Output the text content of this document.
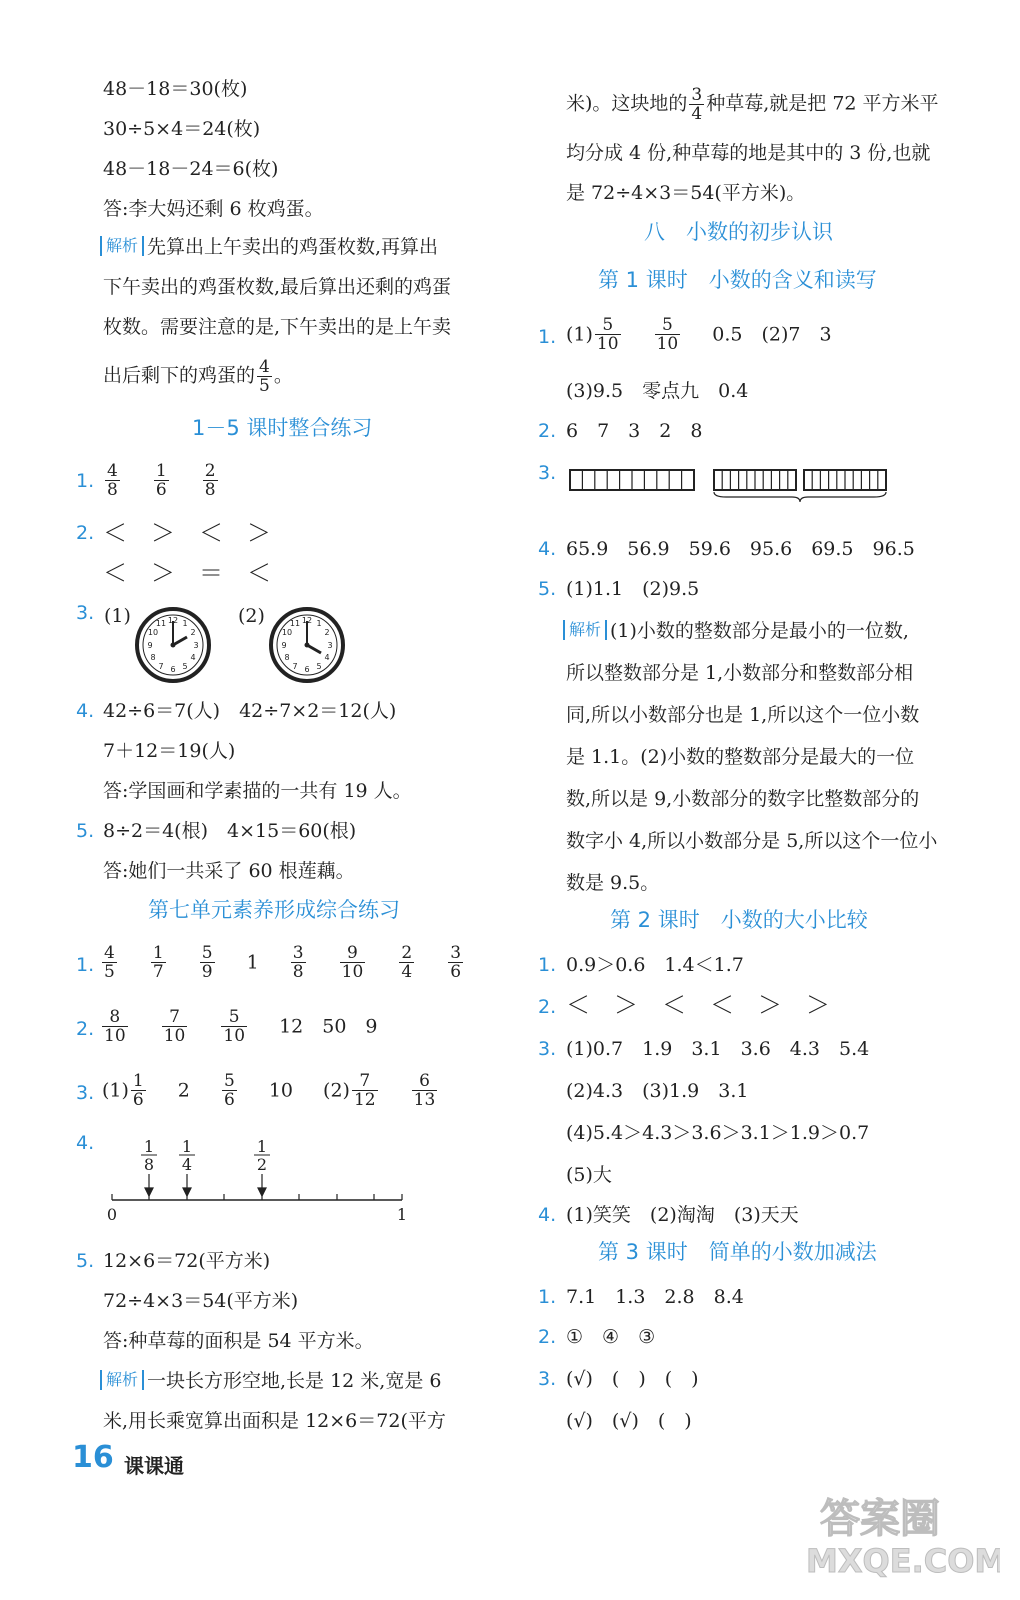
48－18＝30(枚)
30÷5×4＝24(枚)
48－18－24＝6(枚)
答:李大妈还剩 6 枚鸡蛋。
解析 先算出上午卖出的鸡蛋枚数,再算出
下午卖出的鸡蛋枚数,最后算出还剩的鸡蛋
枚数。需要注意的是,下午卖出的是上午卖
出后剩下的鸡蛋的 $\frac{4}{5}$ 。
1－5 课时整合练习
1. $\frac{4}{8}$
$\frac{1}{6}$
$\frac{2}{8}$
2. ＜　＞　＜　＞
＜　＞　＝　＜
3. (1)	(2)
12 1
2
3
4
5
6
7
8
9
10
11	12 1
2
3
4
5
6
7
8
9
10
11
4. 42÷6＝7(人)　42÷7×2＝12(人)
7＋12＝19(人)
答:学国画和学素描的一共有 19 人。
5. 8÷2＝4(根)　4×15＝60(根)
答:她们一共采了 60 根莲藕。
第七单元素养形成综合练习
1. $\frac{4}{5}$
$\frac{1}{7}$
$\frac{5}{9} 1 \frac{3}{8}$
$\frac{9}{10}$
$\frac{2}{4}$
$\frac{3}{6}$
2. $\frac{8}{10}$
$\frac{7}{10}$
$\frac{5}{10} 12$　50　9
3. $(1) \frac{1}{6} 2 \frac{5}{6} 10$ $(2) \frac{7}{12}$
$\frac{6}{13}$
4.	1
8
1
4
1
2
0	1
5. 12×6＝72(平方米)
72÷4×3＝54(平方米)
答:种草莓的面积是 54 平方米。
解析 一块长方形空地,长是 12 米,宽是 6
米,用长乘宽算出面积是 12×6＝72(平方
米)。这块地的 $\frac{3}{4}$ 种草莓,就是把 72 平方米平
均分成 4 份,种草莓的地是其中的 3 份,也就
是 72÷4×3＝54(平方米)。
八　小数的初步认识
第 1 课时　小数的含义和读写
1. $(1) \frac{5}{10}$
$\frac{5}{10} 0.5$　(2)7　3
(3)9.5　零点九　0.4
2. 6　7　3　2　8
3.
4. 65.9　56.9　59.6　95.6　69.5　96.5
5. (1)1.1　(2)9.5
解析 (1)小数的整数部分是最小的一位数,
所以整数部分是 1,小数部分和整数部分相
同,所以小数部分也是 1,所以这个一位小数
是 1.1。(2)小数的整数部分是最大的一位
数,所以是 9,小数部分的数字比整数部分的
数字小 4,所以小数部分是 5,所以这个一位小
数是 9.5。
第 2 课时　小数的大小比较
1. 0.9＞0.6　1.4＜1.7
2. ＜　＞　＜　＜　＞　＞
3. (1)0.7　1.9　3.1　3.6　4.3　5.4
(2)4.3　(3)1.9　3.1
(4)5.4＞4.3＞3.6＞3.1＞1.9＞0.7
(5)大
4. (1)笑笑　(2)淘淘　(3)天天
第 3 课时　简单的小数加减法
1. 7.1　1.3　2.8　8.4
2. ①　④　③
3. (√)　(　)　(　)
(√)　(√)　(　)
16 课课通
答案圈
MXQE.COM
